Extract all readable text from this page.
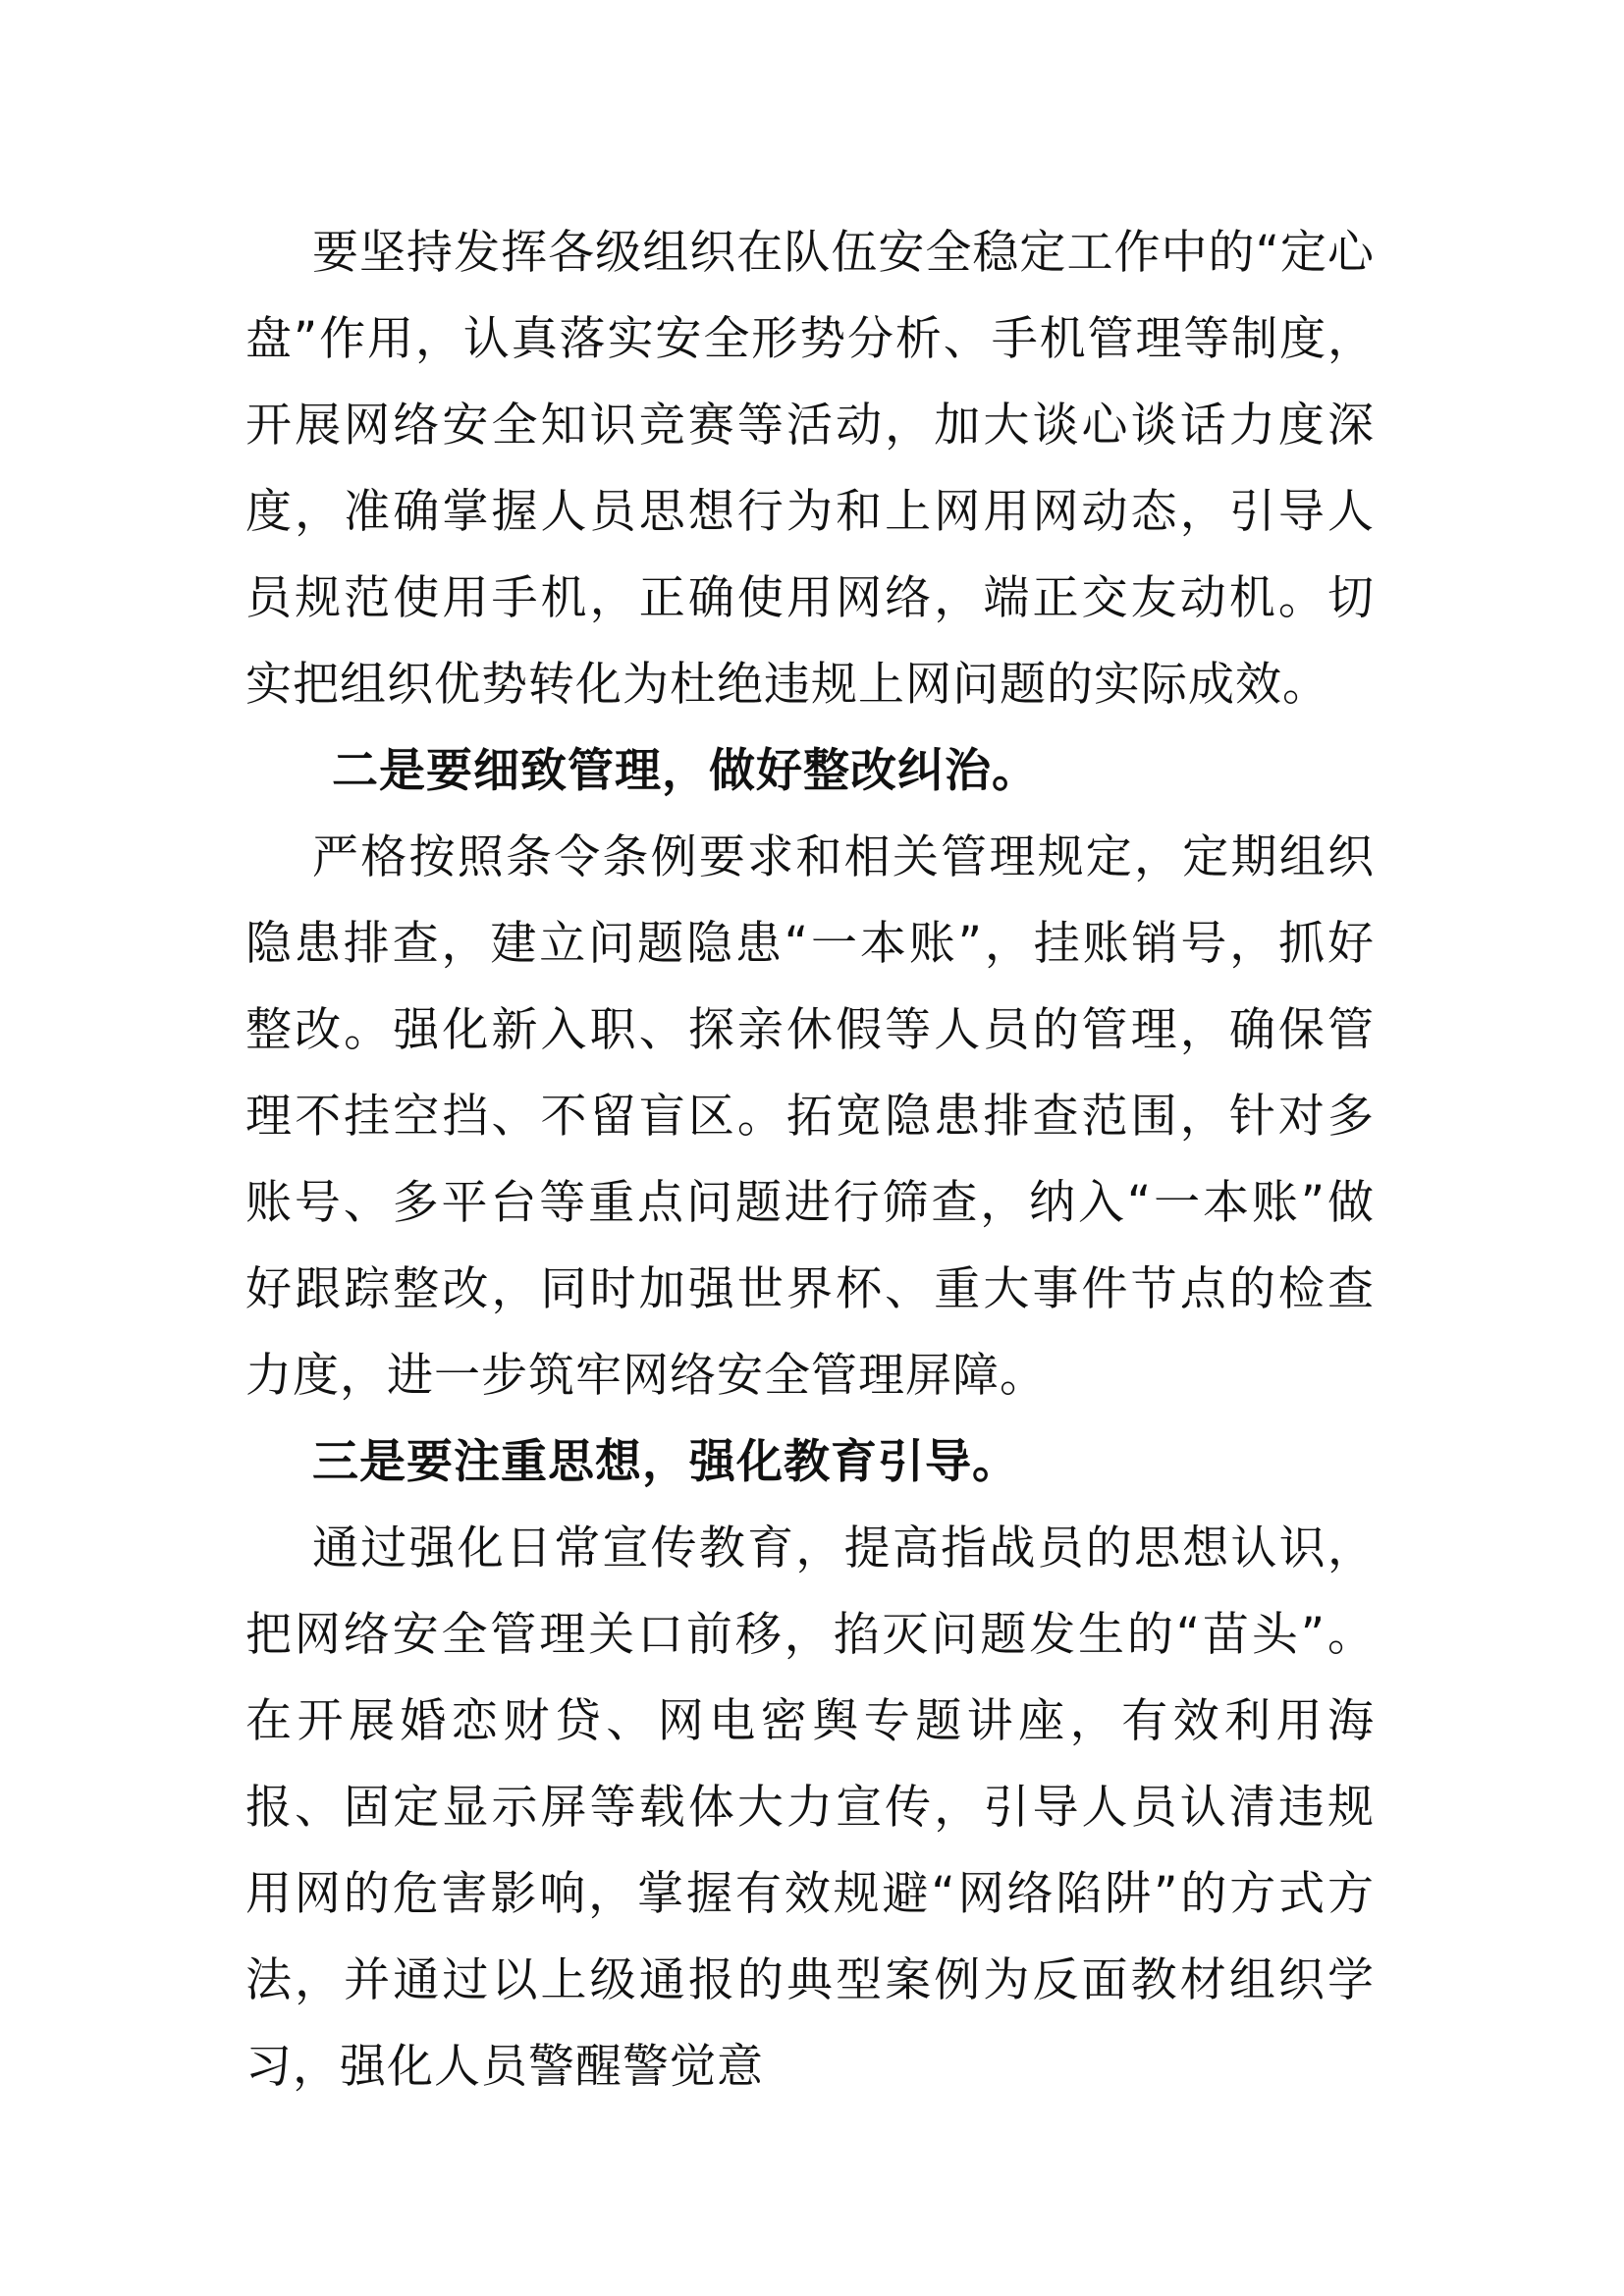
要坚持发挥各级组织在队伍安全稳定工作中的“定心盘”作用，认真落实安全形势分析、手机管理等制度，开展网络安全知识竞赛等活动，加大谈心谈话力度深度，准确掌握人员思想行为和上网用网动态，引导人员规范使用手机，正确使用网络，端正交友动机。切实把组织优势转化为杜绝违规上网问题的实际成效。

二是要细致管理，做好整改纠治。

严格按照条令条例要求和相关管理规定，定期组织隐患排查，建立问题隐患“一本账”，挂账销号，抓好整改。强化新入职、探亲休假等人员的管理，确保管理不挂空挡、不留盲区。拓宽隐患排查范围，针对多账号、多平台等重点问题进行筛查，纳入“一本账”做好跟踪整改，同时加强世界杯、重大事件节点的检查力度，进一步筑牢网络安全管理屏障。

三是要注重思想，强化教育引导。

通过强化日常宣传教育，提高指战员的思想认识，把网络安全管理关口前移，掐灭问题发生的“苗头”。在开展婚恋财贷、网电密舆专题讲座，有效利用海报、固定显示屏等载体大力宣传，引导人员认清违规用网的危害影响，掌握有效规避“网络陷阱”的方式方法，并通过以上级通报的典型案例为反面教材组织学习，强化人员警醒警觉意
